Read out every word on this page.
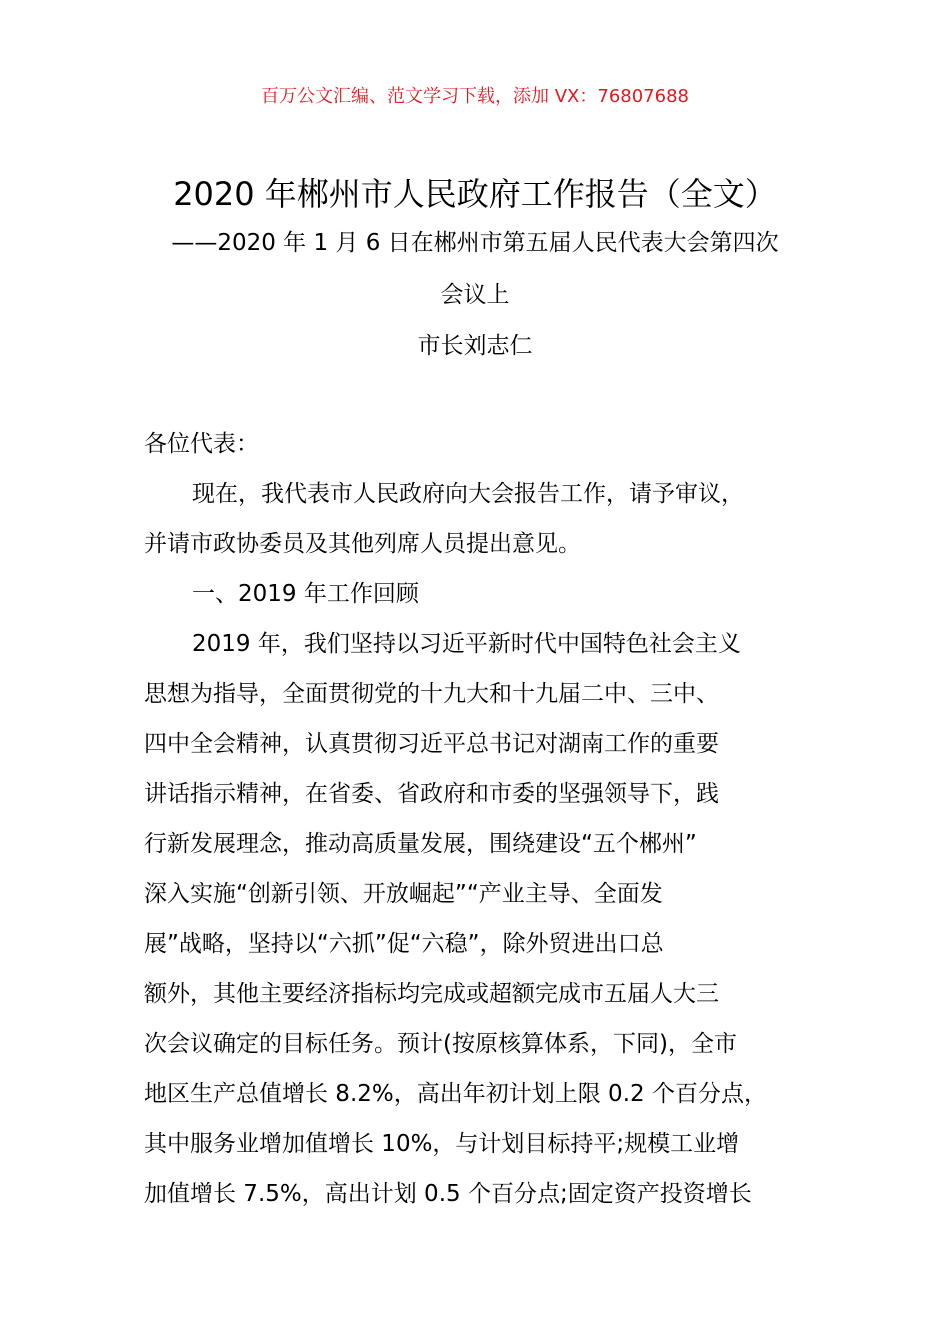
百万公文汇编、范文学习下载，添加 VX：76807688
2020 年郴州市人民政府工作报告（全文）
——2020 年 1 月 6 日在郴州市第五届人民代表大会第四次
会议上
市长刘志仁
各位代表：
现在，我代表市人民政府向大会报告工作，请予审议，
并请市政协委员及其他列席人员提出意见。
一、2019 年工作回顾
2019 年，我们坚持以习近平新时代中国特色社会主义
思想为指导，全面贯彻党的十九大和十九届二中、三中、
四中全会精神，认真贯彻习近平总书记对湖南工作的重要
讲话指示精神，在省委、省政府和市委的坚强领导下，践
行新发展理念，推动高质量发展，围绕建设“五个郴州”
深入实施“创新引领、开放崛起”“产业主导、全面发
展”战略，坚持以“六抓”促“六稳”，除外贸进出口总
额外，其他主要经济指标均完成或超额完成市五届人大三
次会议确定的目标任务。预计(按原核算体系，下同)，全市
地区生产总值增长 8.2%，高出年初计划上限 0.2 个百分点，
其中服务业增加值增长 10%，与计划目标持平;规模工业增
加值增长 7.5%，高出计划 0.5 个百分点;固定资产投资增长
